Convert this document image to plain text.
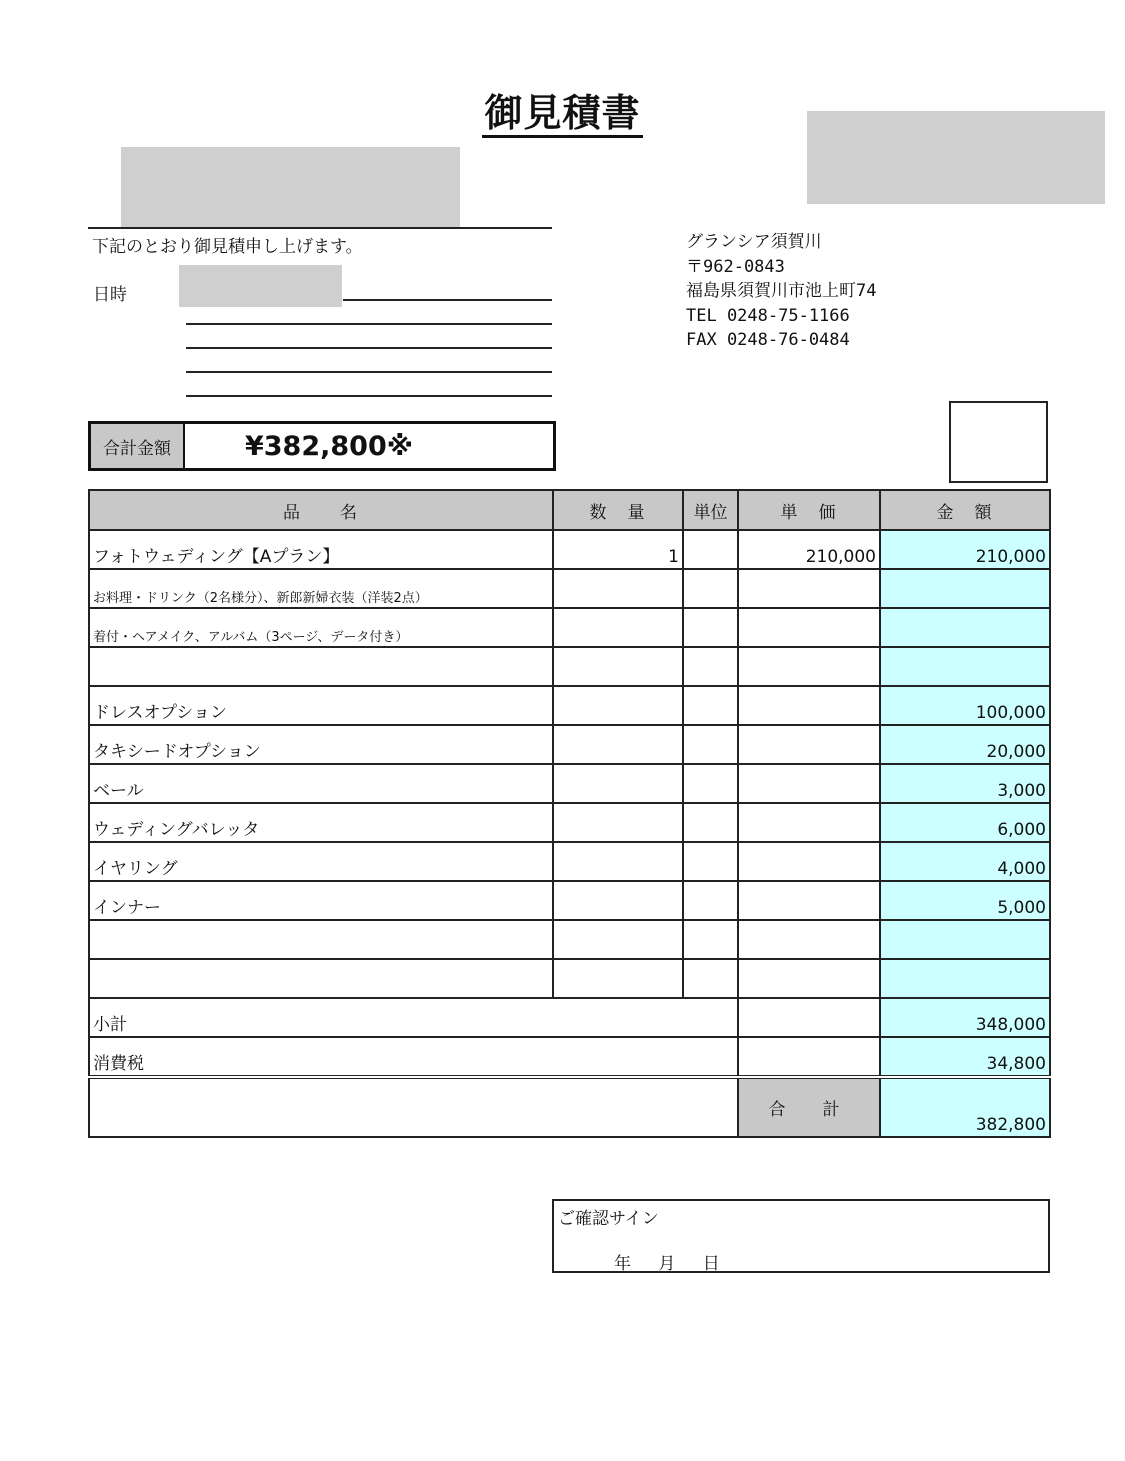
御見積書
下記のとおり御見積申し上げます。
日時
グランシア須賀川
〒962-0843
福島県須賀川市池上町74
TEL 0248-75-1166
FAX 0248-76-0484
合計金額	¥382,800※
品　　名	数　量	単位	単　価	金　額
フォトウェディング【Aプラン】	1		210,000	210,000
お料理・ドリンク（2名様分）、新郎新婦衣装（洋装2点）				
着付・ヘアメイク、アルバム（3ページ、データ付き）				

ドレスオプション				100,000
タキシードオプション				20,000
ベール				3,000
ウェディングバレッタ				6,000
イヤリング				4,000
インナー				5,000

小計				348,000
消費税				34,800
			合　計	382,800
ご確認サイン
年 月 日
